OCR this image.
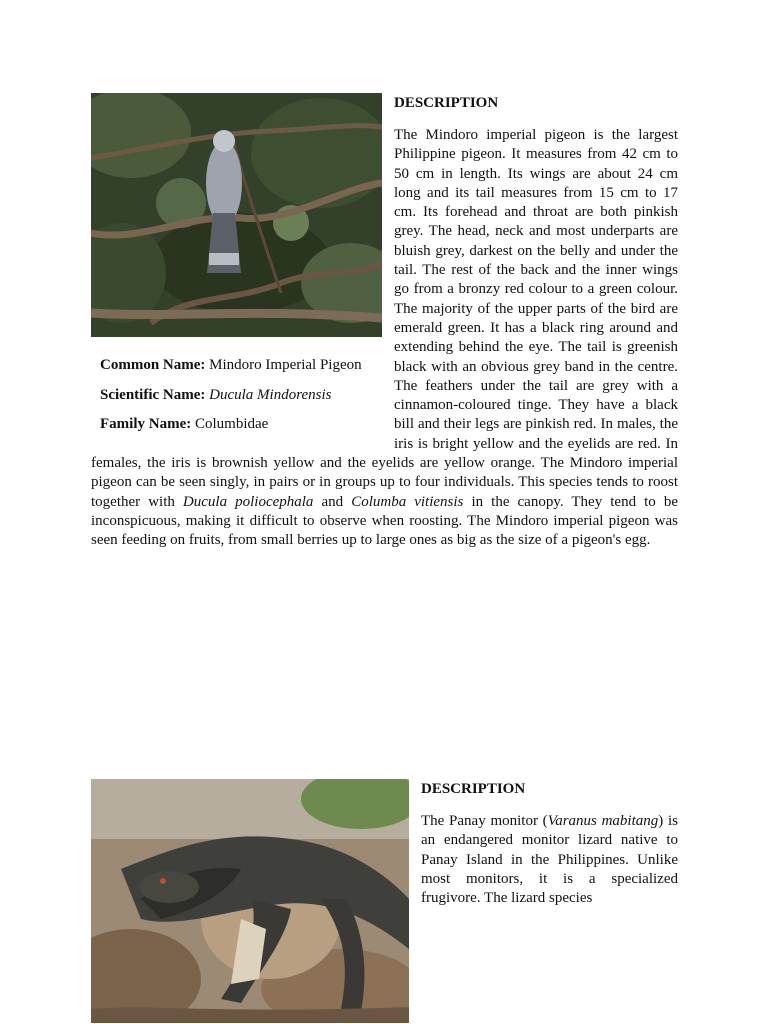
Common Name: Mindoro Imperial Pigeon

Scientific Name: Ducula Mindorensis

Family Name: Columbidae

DESCRIPTION

The Mindoro imperial pigeon is the largest Philippine pigeon. It measures from 42 cm to 50 cm in length. Its wings are about 24 cm long and its tail measures from 15 cm to 17 cm. Its forehead and throat are both pinkish grey. The head, neck and most underparts are bluish grey, darkest on the belly and under the tail. The rest of the back and the inner wings go from a bronzy red colour to a green colour. The majority of the upper parts of the bird are emerald green. It has a black ring around and extending behind the eye. The tail is greenish black with an obvious grey band in the centre. The feathers under the tail are grey with a cinnamon-coloured tinge. They have a black bill and their legs are pinkish red. In males, the iris is bright yellow and the eyelids are red. In females, the iris is brownish yellow and the eyelids are yellow orange. The Mindoro imperial pigeon can be seen singly, in pairs or in groups up to four individuals. This species tends to roost together with Ducula poliocephala and Columba vitiensis in the canopy. They tend to be inconspicuous, making it difficult to observe when roosting. The Mindoro imperial pigeon was seen feeding on fruits, from small berries up to large ones as big as the size of a pigeon's egg.

DESCRIPTION

The Panay monitor (Varanus mabitang) is an endangered monitor lizard native to Panay Island in the Philippines. Unlike most monitors, it is a specialized frugivore. The lizard species
